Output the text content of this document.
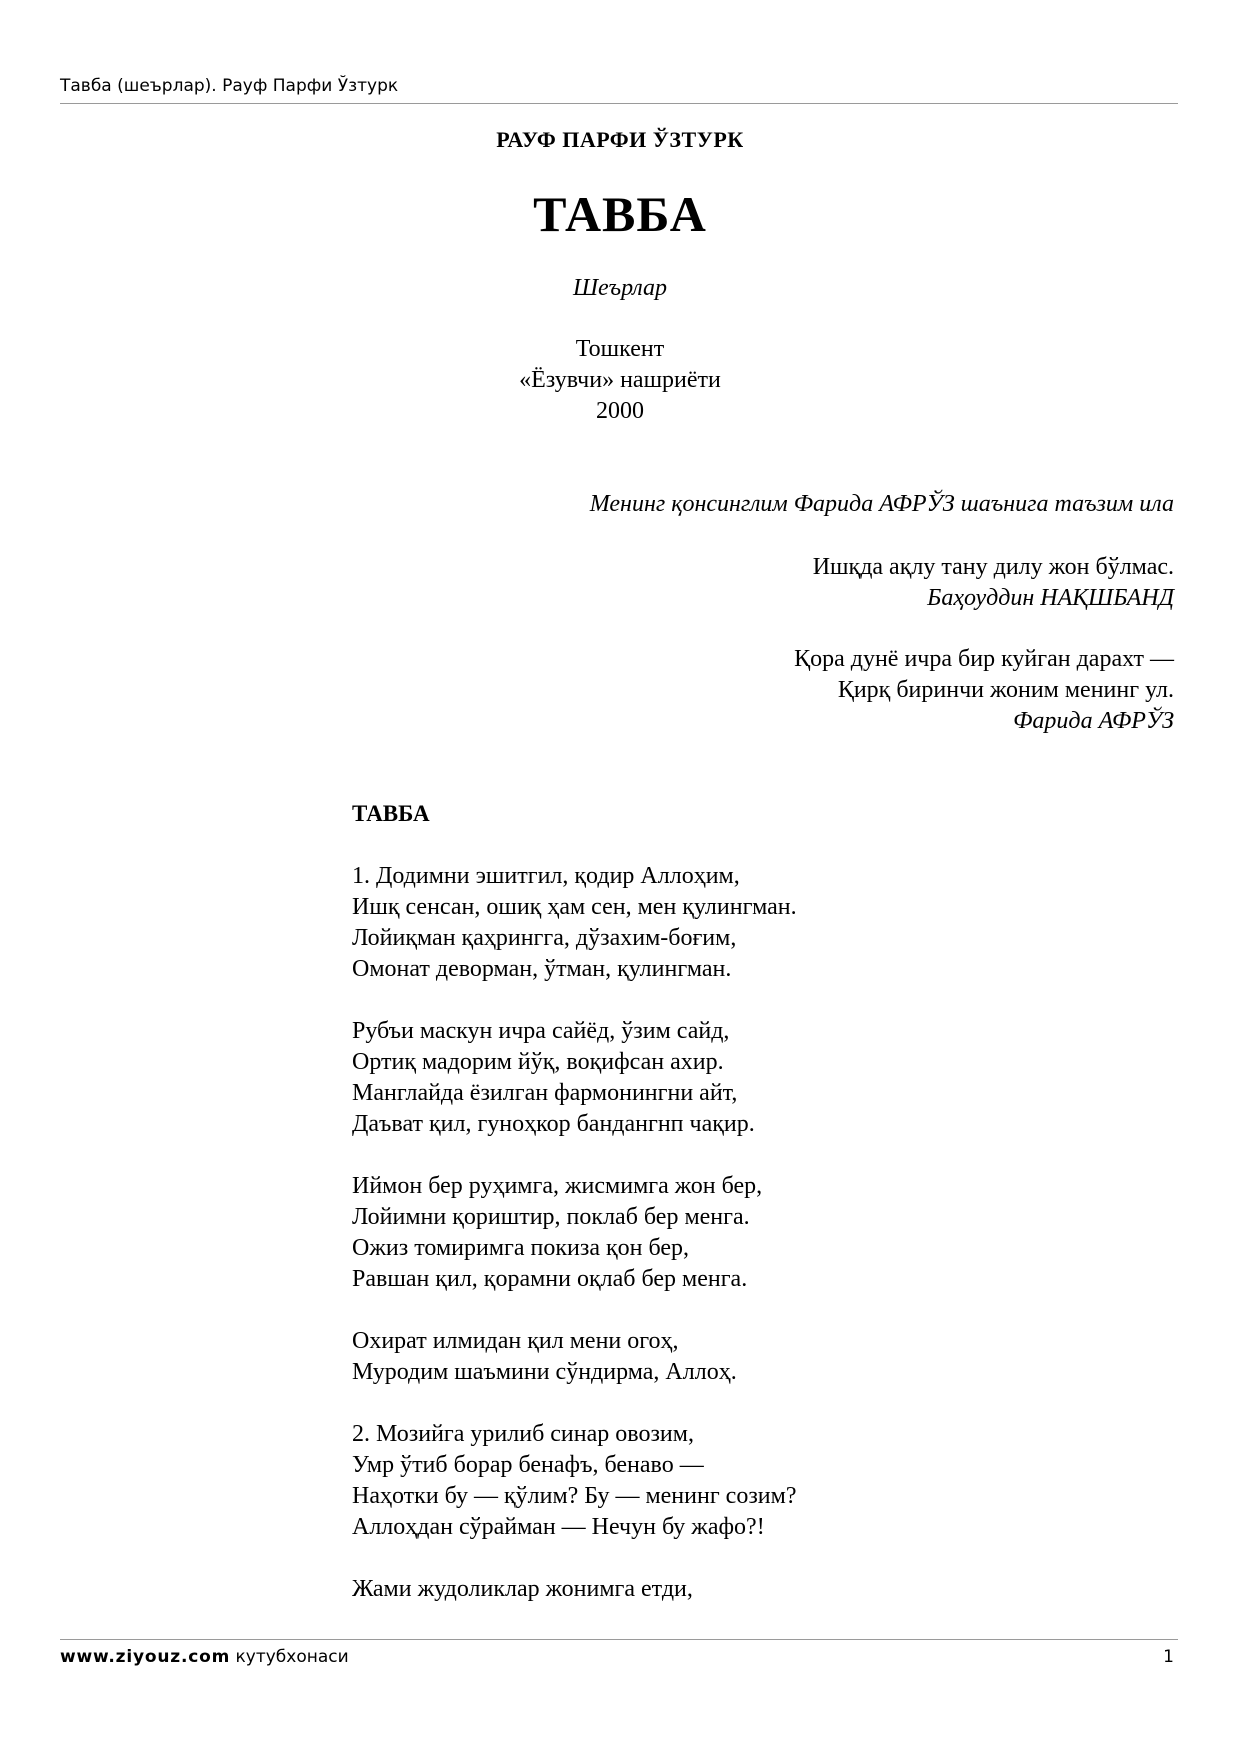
Тавба (шеърлар). Рауф Парфи Ўзтурк
РАУФ ПАРФИ ЎЗТУРК
ТАВБА
Шеърлар
Тошкент
«Ёзувчи» нашриёти
2000
Менинг қонсинглим Фарида АФРЎЗ шаънига таъзим ила
Ишқда ақлу тану дилу жон бўлмас.
Баҳоуддин НАҚШБАНД
Қора дунё ичра бир куйган дарахт —
Қирқ биринчи жоним менинг ул.
Фарида АФРЎЗ
ТАВБА
1. Додимни эшитгил, қодир Аллоҳим,
Ишқ сенсан, ошиқ ҳам сен, мен қулингман.
Лойиқман қаҳрингга, дўзахим-боғим,
Омонат деворман, ўтман, қулингман.
Рубъи маскун ичра сайёд, ўзим сайд,
Ортиқ мадорим йўқ, воқифсан ахир.
Манглайда ёзилган фармонингни айт,
Даъват қил, гуноҳкор бандангнп чақир.
Иймон бер руҳимга, жисмимга жон бер,
Лойимни қориштир, поклаб бер менга.
Ожиз томиримга покиза қон бер,
Равшан қил, қорамни оқлаб бер менга.
Охират илмидан қил мени огоҳ,
Муродим шаъмини сўндирма, Аллоҳ.
2. Мозийга урилиб синар овозим,
Умр ўтиб борар бенафъ, бенаво —
Наҳотки бу — қўлим? Бу — менинг созим?
Аллоҳдан сўрайман — Нечун бу жафо?!
Жами жудоликлар жонимга етди,
www.ziyouz.com кутубхонаси	1
